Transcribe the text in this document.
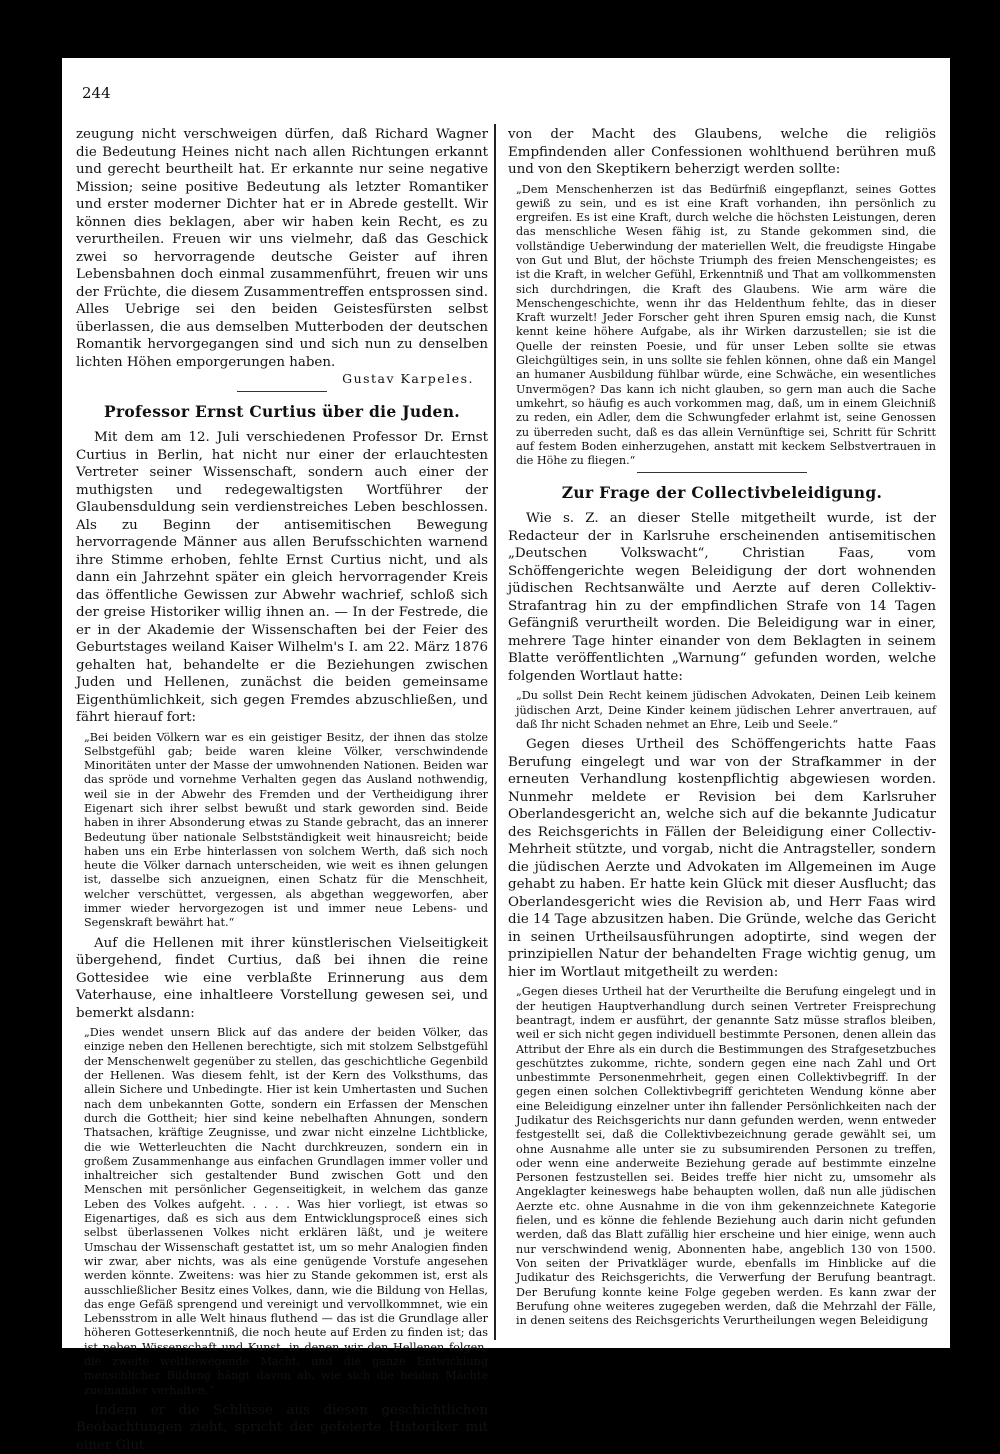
244

zeugung nicht verschweigen dürfen, daß Richard Wagner die Bedeutung Heines nicht nach allen Richtungen erkannt und gerecht beurtheilt hat. Er erkannte nur seine negative Mission; seine positive Bedeutung als letzter Romantiker und erster moderner Dichter hat er in Abrede gestellt. Wir können dies beklagen, aber wir haben kein Recht, es zu verurtheilen. Freuen wir uns vielmehr, daß das Geschick zwei so hervorragende deutsche Geister auf ihren Lebensbahnen doch einmal zusammenführt, freuen wir uns der Früchte, die diesem Zusammentreffen entsprossen sind. Alles Uebrige sei den beiden Geistesfürsten selbst überlassen, die aus demselben Mutterboden der deutschen Romantik hervorgegangen sind und sich nun zu denselben lichten Höhen emporgerungen haben.

Gustav Karpeles.
Professor Ernst Curtius über die Juden.

Mit dem am 12. Juli verschiedenen Professor Dr. Ernst Curtius in Berlin, hat nicht nur einer der erlauchtesten Vertreter seiner Wissenschaft, sondern auch einer der muthigsten und redegewaltigsten Wortführer der Glaubensduldung sein verdienstreiches Leben beschlossen. Als zu Beginn der antisemitischen Bewegung hervorragende Männer aus allen Berufsschichten warnend ihre Stimme erhoben, fehlte Ernst Curtius nicht, und als dann ein Jahrzehnt später ein gleich hervorragender Kreis das öffentliche Gewissen zur Abwehr wachrief, schloß sich der greise Historiker willig ihnen an. — In der Festrede, die er in der Akademie der Wissenschaften bei der Feier des Geburtstages weiland Kaiser Wilhelm's I. am 22. März 1876 gehalten hat, behandelte er die Beziehungen zwischen Juden und Hellenen, zunächst die beiden gemeinsame Eigenthümlichkeit, sich gegen Fremdes abzuschließen, und fährt hierauf fort:

„Bei beiden Völkern war es ein geistiger Besitz, der ihnen das stolze Selbstgefühl gab; beide waren kleine Völker, verschwindende Minoritäten unter der Masse der umwohnenden Nationen. Beiden war das spröde und vornehme Verhalten gegen das Ausland nothwendig, weil sie in der Abwehr des Fremden und der Vertheidigung ihrer Eigenart sich ihrer selbst bewußt und stark geworden sind. Beide haben in ihrer Absonderung etwas zu Stande gebracht, das an innerer Bedeutung über nationale Selbstständigkeit weit hinausreicht; beide haben uns ein Erbe hinterlassen von solchem Werth, daß sich noch heute die Völker darnach unterscheiden, wie weit es ihnen gelungen ist, dasselbe sich anzueignen, einen Schatz für die Menschheit, welcher verschüttet, vergessen, als abgethan weggeworfen, aber immer wieder hervorgezogen ist und immer neue Lebens- und Segenskraft bewährt hat.“

Auf die Hellenen mit ihrer künstlerischen Vielseitigkeit übergehend, findet Curtius, daß bei ihnen die reine Gottesidee wie eine verblaßte Erinnerung aus dem Vaterhause, eine inhaltleere Vorstellung gewesen sei, und bemerkt alsdann:

„Dies wendet unsern Blick auf das andere der beiden Völker, das einzige neben den Hellenen berechtigte, sich mit stolzem Selbstgefühl der Menschenwelt gegenüber zu stellen, das geschichtliche Gegenbild der Hellenen. Was diesem fehlt, ist der Kern des Volksthums, das allein Sichere und Unbedingte. Hier ist kein Umhertasten und Suchen nach dem unbekannten Gotte, sondern ein Erfassen der Menschen durch die Gottheit; hier sind keine nebelhaften Ahnungen, sondern Thatsachen, kräftige Zeugnisse, und zwar nicht einzelne Lichtblicke, die wie Wetterleuchten die Nacht durchkreuzen, sondern ein in großem Zusammenhange aus einfachen Grundlagen immer voller und inhaltreicher sich gestaltender Bund zwischen Gott und den Menschen mit persönlicher Gegenseitigkeit, in welchem das ganze Leben des Volkes aufgeht. . . . . Was hier vorliegt, ist etwas so Eigenartiges, daß es sich aus dem Entwicklungsproceß eines sich selbst überlassenen Volkes nicht erklären läßt, und je weitere Umschau der Wissenschaft gestattet ist, um so mehr Analogien finden wir zwar, aber nichts, was als eine genügende Vorstufe angesehen werden könnte. Zweitens: was hier zu Stande gekommen ist, erst als ausschließlicher Besitz eines Volkes, dann, wie die Bildung von Hellas, das enge Gefäß sprengend und vereinigt und vervollkommnet, wie ein Lebensstrom in alle Welt hinaus fluthend — das ist die Grundlage aller höheren Gotteserkenntniß, die noch heute auf Erden zu finden ist; das ist neben Wissenschaft und Kunst, in denen wir den Hellenen folgen, die zweite weltbewegende Macht, und die ganze Entwicklung menschlicher Bildung hängt davon ab, wie sich die beiden Mächte zueinander verhalten.“

Indem er die Schlüsse aus diesen geschichtlichen Beobachtungen zieht, spricht der gefeierte Historiker mit einer Glut

von der Macht des Glaubens, welche die religiös Empfindenden aller Confessionen wohlthuend berühren muß und von den Skeptikern beherzigt werden sollte:

„Dem Menschenherzen ist das Bedürfniß eingepflanzt, seines Gottes gewiß zu sein, und es ist eine Kraft vorhanden, ihn persönlich zu ergreifen. Es ist eine Kraft, durch welche die höchsten Leistungen, deren das menschliche Wesen fähig ist, zu Stande gekommen sind, die vollständige Ueberwindung der materiellen Welt, die freudigste Hingabe von Gut und Blut, der höchste Triumph des freien Menschengeistes; es ist die Kraft, in welcher Gefühl, Erkenntniß und That am vollkommensten sich durchdringen, die Kraft des Glaubens. Wie arm wäre die Menschengeschichte, wenn ihr das Heldenthum fehlte, das in dieser Kraft wurzelt! Jeder Forscher geht ihren Spuren emsig nach, die Kunst kennt keine höhere Aufgabe, als ihr Wirken darzustellen; sie ist die Quelle der reinsten Poesie, und für unser Leben sollte sie etwas Gleichgültiges sein, in uns sollte sie fehlen können, ohne daß ein Mangel an humaner Ausbildung fühlbar würde, eine Schwäche, ein wesentliches Unvermögen? Das kann ich nicht glauben, so gern man auch die Sache umkehrt, so häufig es auch vorkommen mag, daß, um in einem Gleichniß zu reden, ein Adler, dem die Schwungfeder erlahmt ist, seine Genossen zu überreden sucht, daß es das allein Vernünftige sei, Schritt für Schritt auf festem Boden einherzugehen, anstatt mit keckem Selbstvertrauen in die Höhe zu fliegen.“

Zur Frage der Collectivbeleidigung.

Wie s. Z. an dieser Stelle mitgetheilt wurde, ist der Redacteur der in Karlsruhe erscheinenden antisemitischen „Deutschen Volkswacht“, Christian Faas, vom Schöffengerichte wegen Beleidigung der dort wohnenden jüdischen Rechtsanwälte und Aerzte auf deren Collektiv-Strafantrag hin zu der empfindlichen Strafe von 14 Tagen Gefängniß verurtheilt worden. Die Beleidigung war in einer, mehrere Tage hinter einander von dem Beklagten in seinem Blatte veröffentlichten „Warnung“ gefunden worden, welche folgenden Wortlaut hatte:

„Du sollst Dein Recht keinem jüdischen Advokaten, Deinen Leib keinem jüdischen Arzt, Deine Kinder keinem jüdischen Lehrer anvertrauen, auf daß Ihr nicht Schaden nehmet an Ehre, Leib und Seele.“

Gegen dieses Urtheil des Schöffengerichts hatte Faas Berufung eingelegt und war von der Strafkammer in der erneuten Verhandlung kostenpflichtig abgewiesen worden. Nunmehr meldete er Revision bei dem Karlsruher Oberlandesgericht an, welche sich auf die bekannte Judicatur des Reichsgerichts in Fällen der Beleidigung einer Collectiv-Mehrheit stützte, und vorgab, nicht die Antragsteller, sondern die jüdischen Aerzte und Advokaten im Allgemeinen im Auge gehabt zu haben. Er hatte kein Glück mit dieser Ausflucht; das Oberlandesgericht wies die Revision ab, und Herr Faas wird die 14 Tage abzusitzen haben. Die Gründe, welche das Gericht in seinen Urtheilsausführungen adoptirte, sind wegen der prinzipiellen Natur der behandelten Frage wichtig genug, um hier im Wortlaut mitgetheilt zu werden:

„Gegen dieses Urtheil hat der Verurtheilte die Berufung eingelegt und in der heutigen Hauptverhandlung durch seinen Vertreter Freisprechung beantragt, indem er ausführt, der genannte Satz müsse straflos bleiben, weil er sich nicht gegen individuell bestimmte Personen, denen allein das Attribut der Ehre als ein durch die Bestimmungen des Strafgesetzbuches geschütztes zukomme, richte, sondern gegen eine nach Zahl und Ort unbestimmte Personenmehrheit, gegen einen Collektivbegriff. In der gegen einen solchen Collektivbegriff gerichteten Wendung könne aber eine Beleidigung einzelner unter ihn fallender Persönlichkeiten nach der Judikatur des Reichsgerichts nur dann gefunden werden, wenn entweder festgestellt sei, daß die Collektivbezeichnung gerade gewählt sei, um ohne Ausnahme alle unter sie zu subsumirenden Personen zu treffen, oder wenn eine anderweite Beziehung gerade auf bestimmte einzelne Personen festzustellen sei. Beides treffe hier nicht zu, umsomehr als Angeklagter keineswegs habe behaupten wollen, daß nun alle jüdischen Aerzte etc. ohne Ausnahme in die von ihm gekennzeichnete Kategorie fielen, und es könne die fehlende Beziehung auch darin nicht gefunden werden, daß das Blatt zufällig hier erscheine und hier einige, wenn auch nur verschwindend wenig, Abonnenten habe, angeblich 130 von 1500. Von seiten der Privatkläger wurde, ebenfalls im Hinblicke auf die Judikatur des Reichsgerichts, die Verwerfung der Berufung beantragt. Der Berufung konnte keine Folge gegeben werden. Es kann zwar der Berufung ohne weiteres zugegeben werden, daß die Mehrzahl der Fälle, in denen seitens des Reichsgerichts Verurtheilungen wegen Beleidigung
